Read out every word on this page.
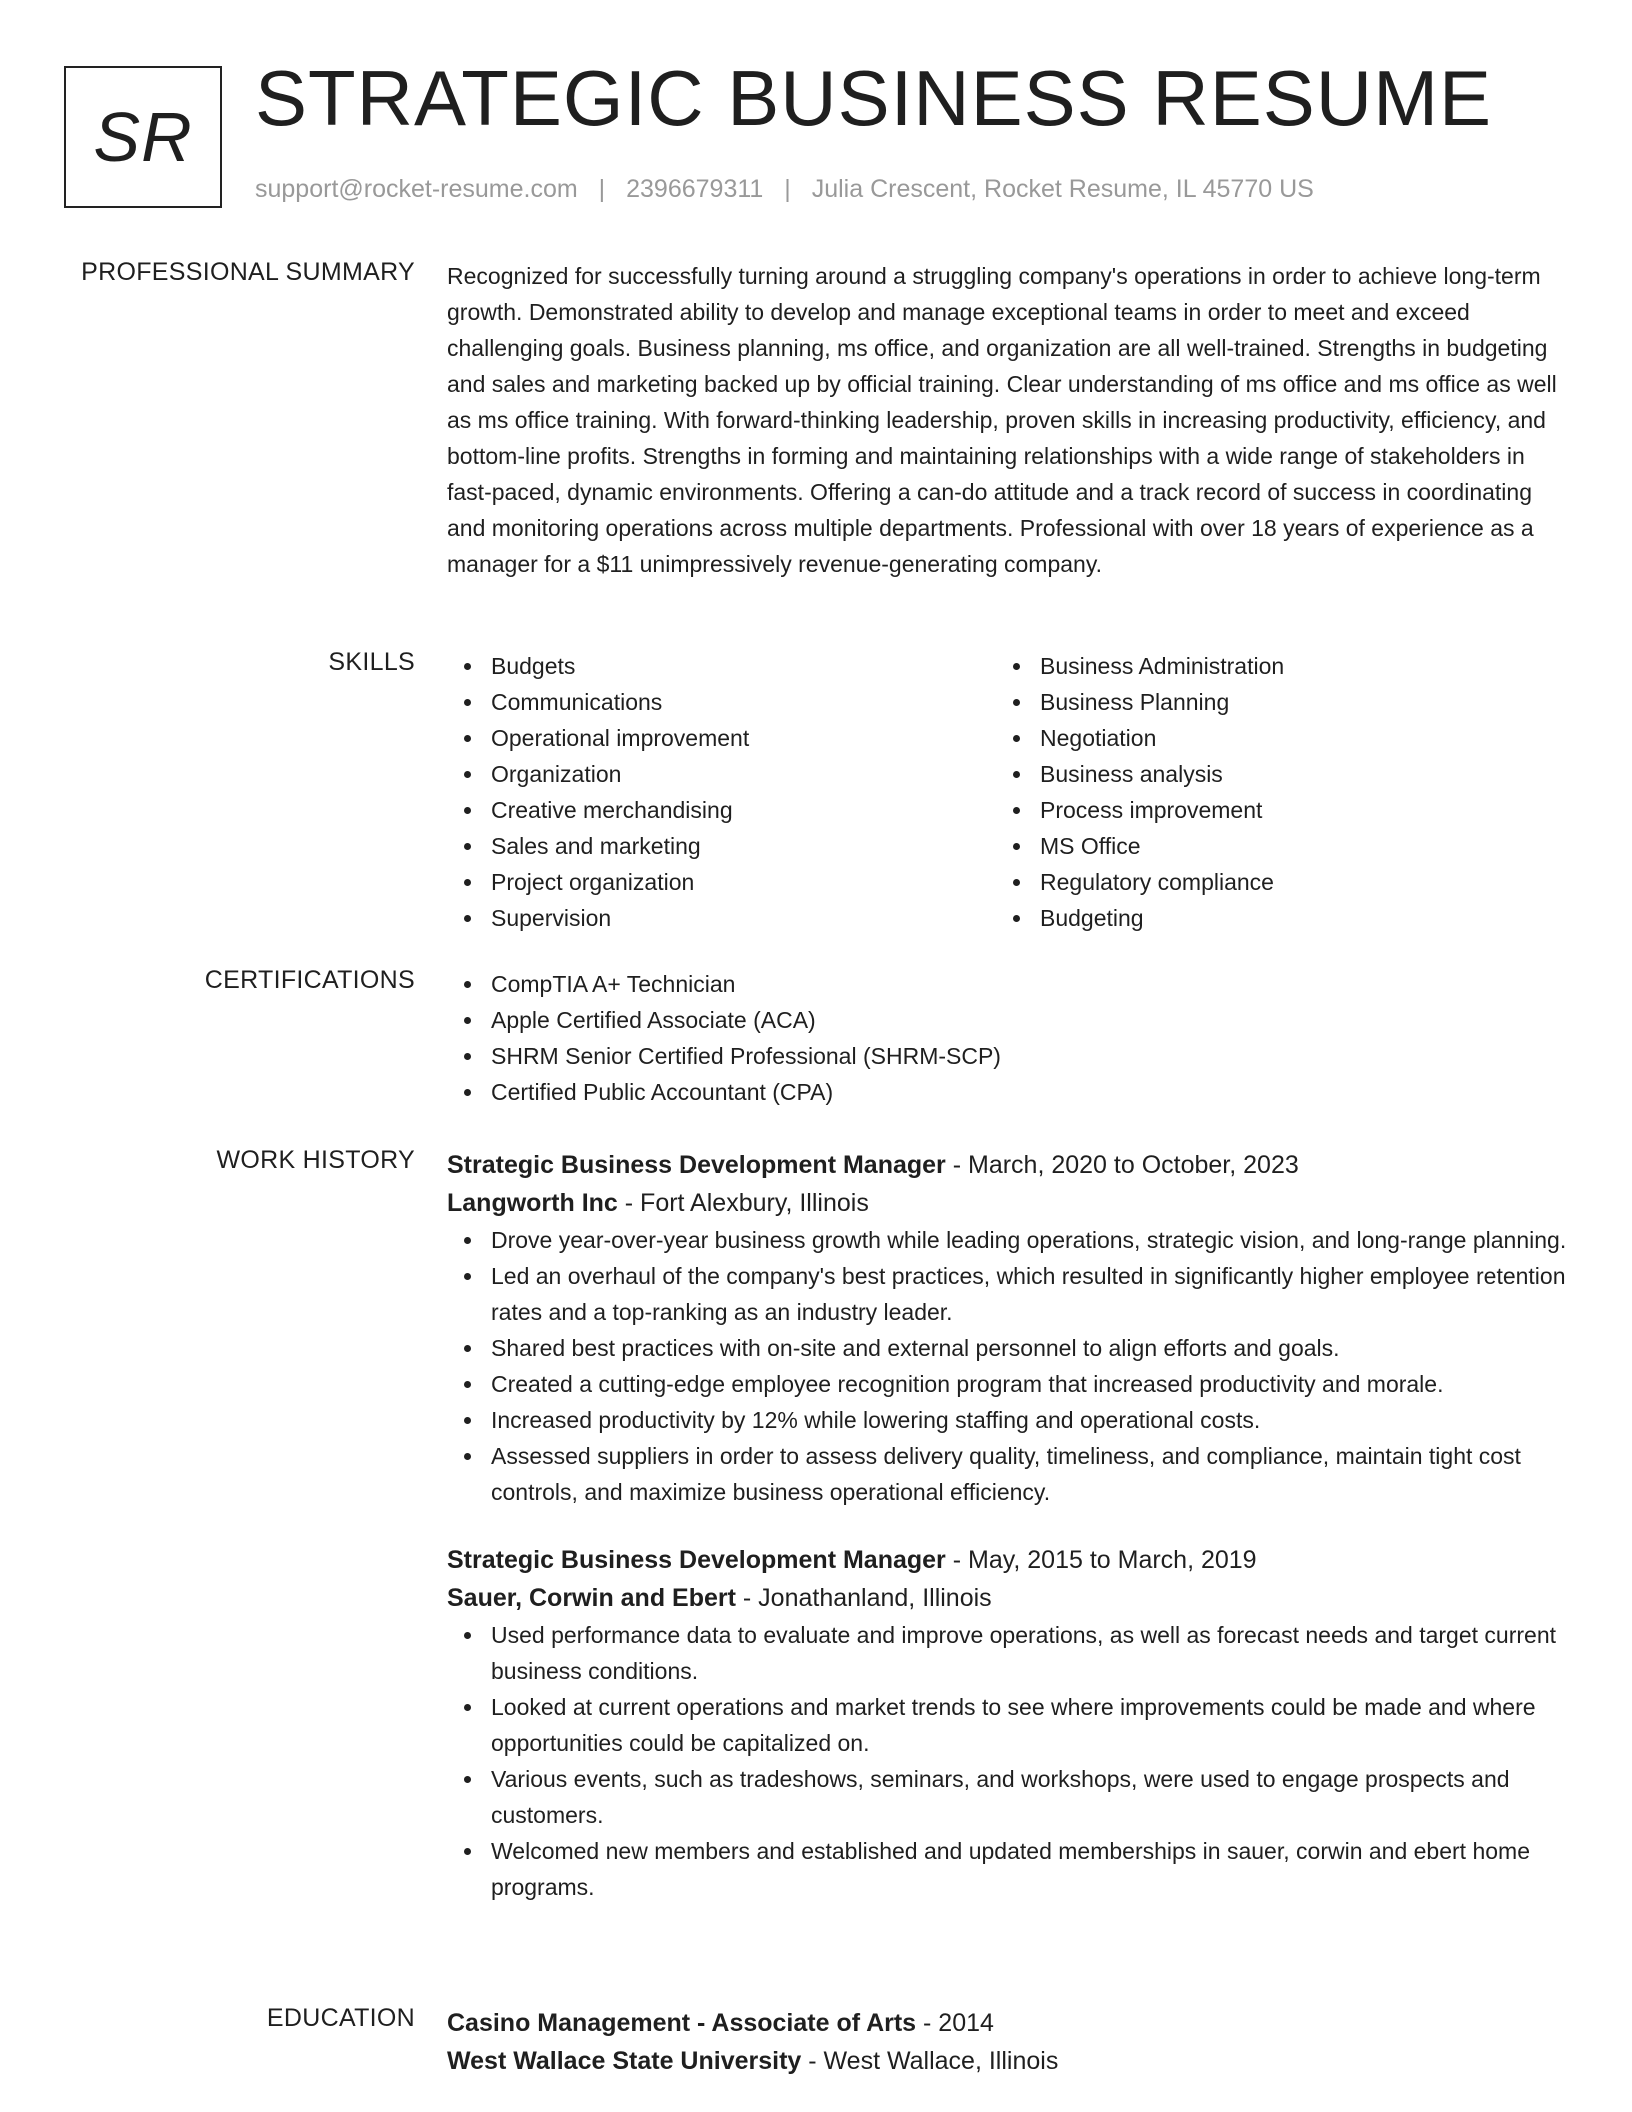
SR STRATEGIC BUSINESS RESUME
support@rocket-resume.com | 2396679311 | Julia Crescent, Rocket Resume, IL 45770 US
PROFESSIONAL SUMMARY Recognized for successfully turning around a struggling company's operations in order to achieve long-term growth. Demonstrated ability to develop and manage exceptional teams in order to meet and exceed challenging goals. Business planning, ms office, and organization are all well-trained. Strengths in budgeting and sales and marketing backed up by official training. Clear understanding of ms office and ms office as well as ms office training. With forward-thinking leadership, proven skills in increasing productivity, efficiency, and bottom-line profits. Strengths in forming and maintaining relationships with a wide range of stakeholders in fast-paced, dynamic environments. Offering a can-do attitude and a track record of success in coordinating and monitoring operations across multiple departments. Professional with over 18 years of experience as a manager for a $11 unimpressively revenue-generating company.

SKILLS	Budgets
Communications
Operational improvement
Organization
Creative merchandising
Sales and marketing
Project organization
Supervision
Business Administration
Business Planning
Negotiation
Business analysis
Process improvement
MS Office
Regulatory compliance
Budgeting
CERTIFICATIONS	CompTIA A+ Technician
Apple Certified Associate (ACA)
SHRM Senior Certified Professional (SHRM-SCP)
Certified Public Accountant (CPA)
WORK HISTORY Strategic Business Development Manager - March, 2020 to October, 2023
Langworth Inc - Fort Alexbury, Illinois
Drove year-over-year business growth while leading operations, strategic vision, and long-range planning.
Led an overhaul of the company's best practices, which resulted in significantly higher employee retention rates and a top-ranking as an industry leader.
Shared best practices with on-site and external personnel to align efforts and goals.
Created a cutting-edge employee recognition program that increased productivity and morale.
Increased productivity by 12% while lowering staffing and operational costs.
Assessed suppliers in order to assess delivery quality, timeliness, and compliance, maintain tight cost controls, and maximize business operational efficiency.
Strategic Business Development Manager - May, 2015 to March, 2019
Sauer, Corwin and Ebert - Jonathanland, Illinois
Used performance data to evaluate and improve operations, as well as forecast needs and target current business conditions.
Looked at current operations and market trends to see where improvements could be made and where opportunities could be capitalized on.
Various events, such as tradeshows, seminars, and workshops, were used to engage prospects and customers.
Welcomed new members and established and updated memberships in sauer, corwin and ebert home programs.
EDUCATION Casino Management - Associate of Arts - 2014
West Wallace State University - West Wallace, Illinois
